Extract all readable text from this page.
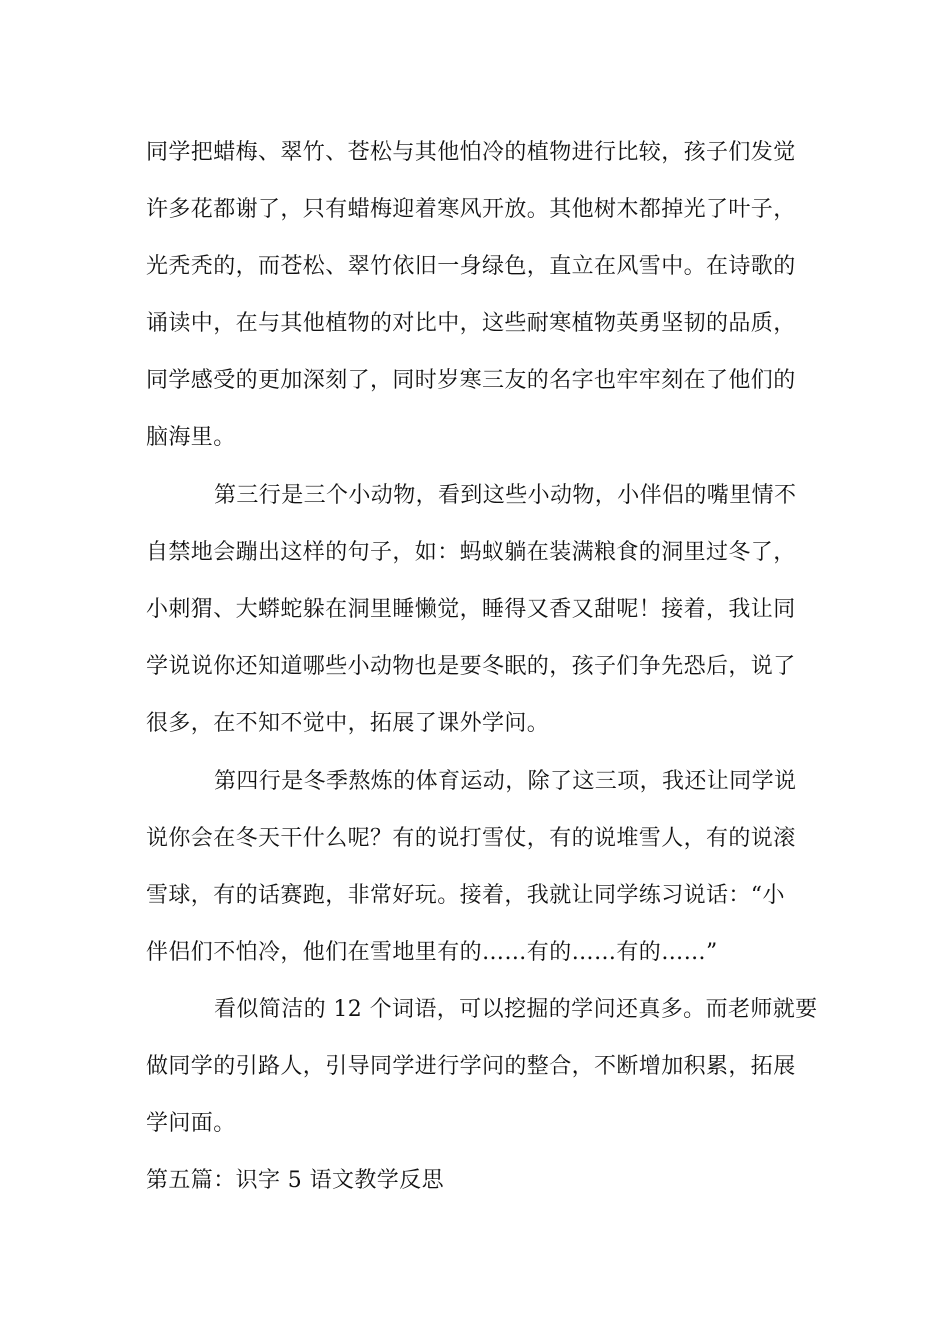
同学把蜡梅、翠竹、苍松与其他怕冷的植物进行比较，孩子们发觉
许多花都谢了，只有蜡梅迎着寒风开放。其他树木都掉光了叶子，
光秃秃的，而苍松、翠竹依旧一身绿色，直立在风雪中。在诗歌的
诵读中，在与其他植物的对比中，这些耐寒植物英勇坚韧的品质，
同学感受的更加深刻了，同时岁寒三友的名字也牢牢刻在了他们的
脑海里。
第三行是三个小动物，看到这些小动物，小伴侣的嘴里情不
自禁地会蹦出这样的句子，如：蚂蚁躺在装满粮食的洞里过冬了，
小刺猬、大蟒蛇躲在洞里睡懒觉，睡得又香又甜呢！接着，我让同
学说说你还知道哪些小动物也是要冬眠的，孩子们争先恐后，说了
很多，在不知不觉中，拓展了课外学问。
第四行是冬季熬炼的体育运动，除了这三项，我还让同学说
说你会在冬天干什么呢？有的说打雪仗，有的说堆雪人，有的说滚
雪球，有的话赛跑，非常好玩。接着，我就让同学练习说话：“小
伴侣们不怕冷，他们在雪地里有的……有的……有的……”
看似简洁的 12 个词语，可以挖掘的学问还真多。而老师就要
做同学的引路人，引导同学进行学问的整合，不断增加积累，拓展
学问面。
第五篇：识字 5 语文教学反思
